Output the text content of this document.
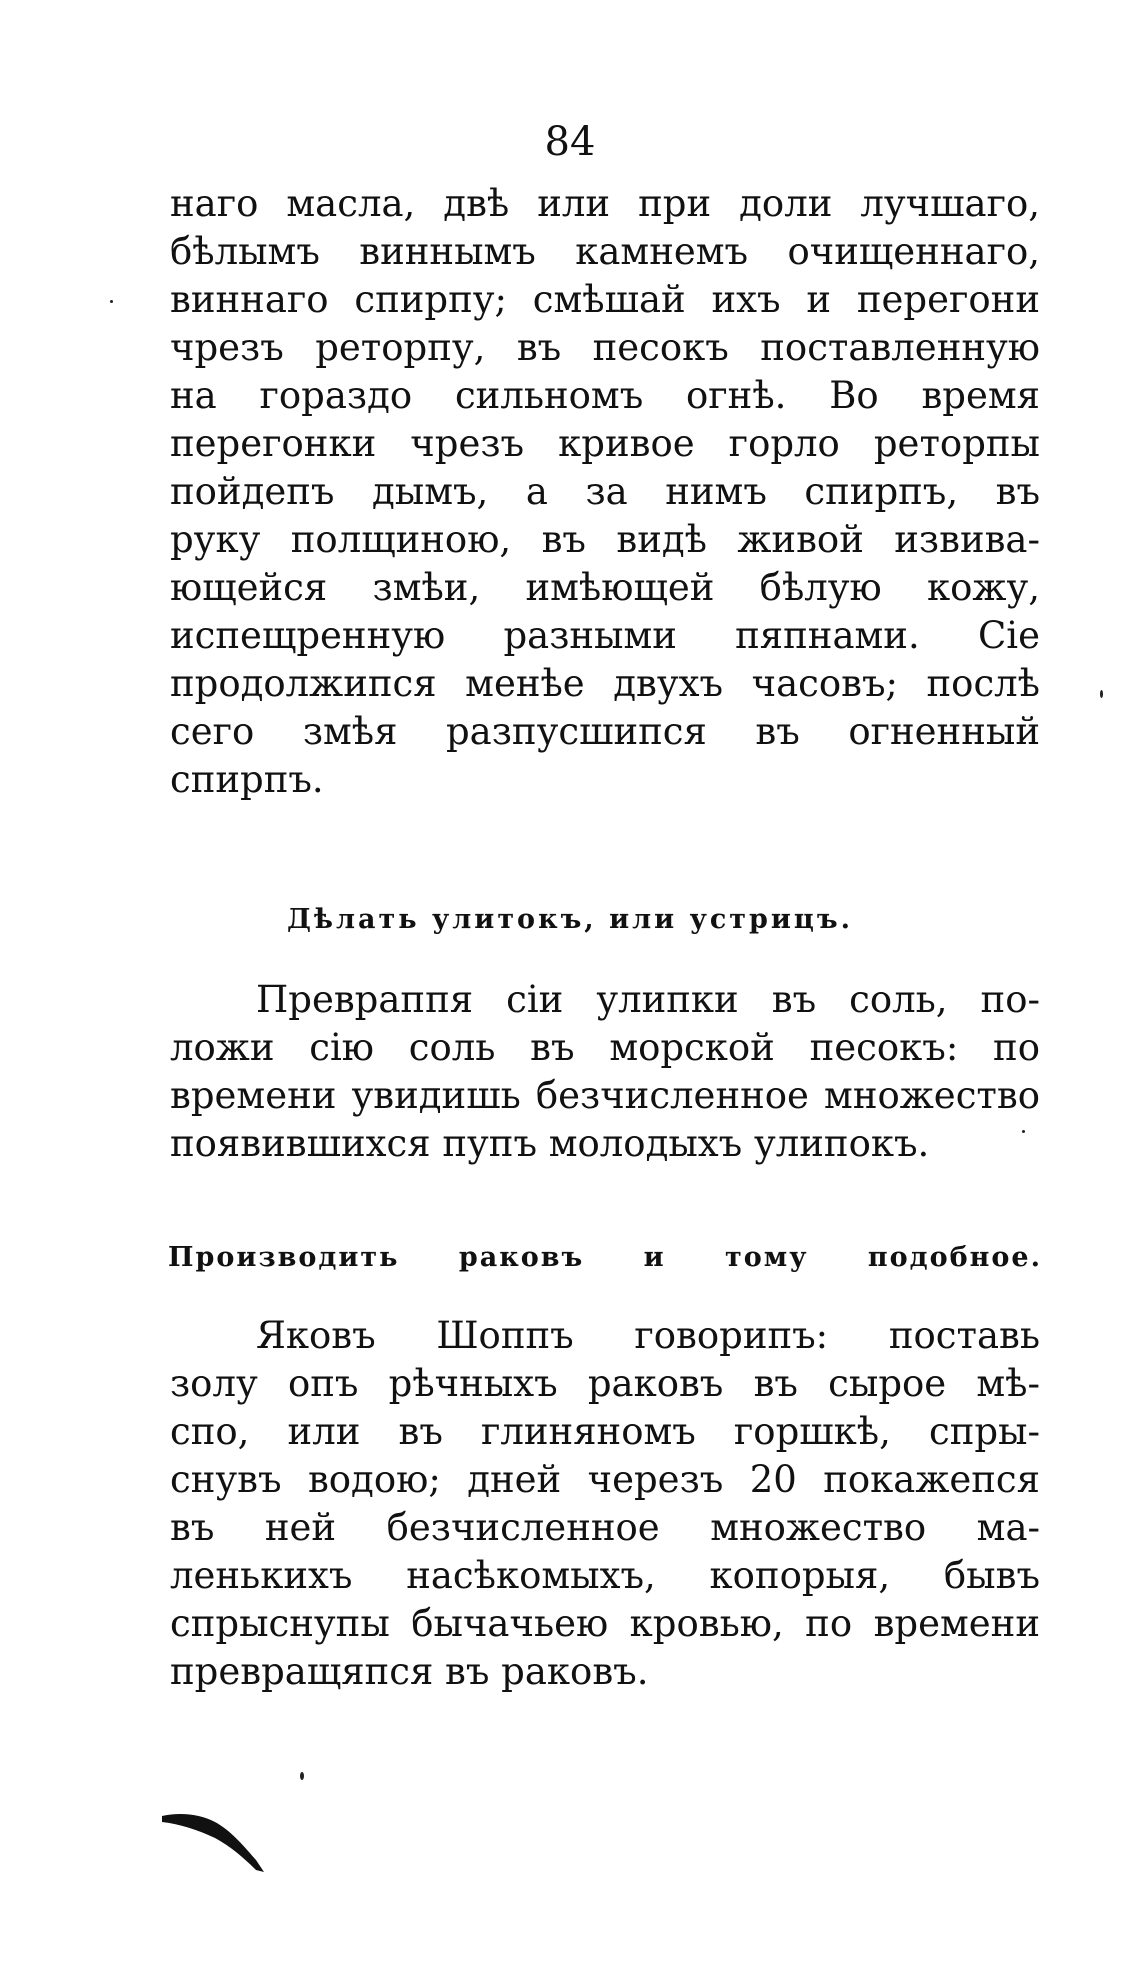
84
наго масла, двѣ или при доли лучшаго,
бѣлымъ виннымъ камнемъ очищеннаго,
виннаго спирпу; смѣшай ихъ и перегони
чрезъ реторпу, въ песокъ поставленную
на гораздо сильномъ огнѣ. Во время
перегонки чрезъ кривое горло реторпы
пойдепъ дымъ, а за нимъ спирпъ, въ
руку полщиною, въ видѣ живой извива-
ющейся змѣи, имѣющей бѣлую кожу,
испещренную разными пяпнами. Сіе
продолжипся менѣе двухъ часовъ; послѣ
сего змѣя разпусшипся въ огненный
спирпъ.
Дѣлать улитокъ, или устрицъ.
Превраппя сіи улипки въ соль, по-
ложи сію соль въ морской песокъ: по
времени увидишь безчисленное множество
появившихся пупъ молодыхъ улипокъ.
Производить раковъ и тому подобное.
Яковъ Шоппъ говорипъ: поставь
золу опъ рѣчныхъ раковъ въ сырое мѣ-
спо, или въ глиняномъ горшкѣ, спры-
снувъ водою; дней черезъ 20 покажепся
въ ней безчисленное множество ма-
ленькихъ насѣкомыхъ, копорыя, бывъ
спрыснупы бычачьею кровью, по времени
превращяпся въ раковъ.
